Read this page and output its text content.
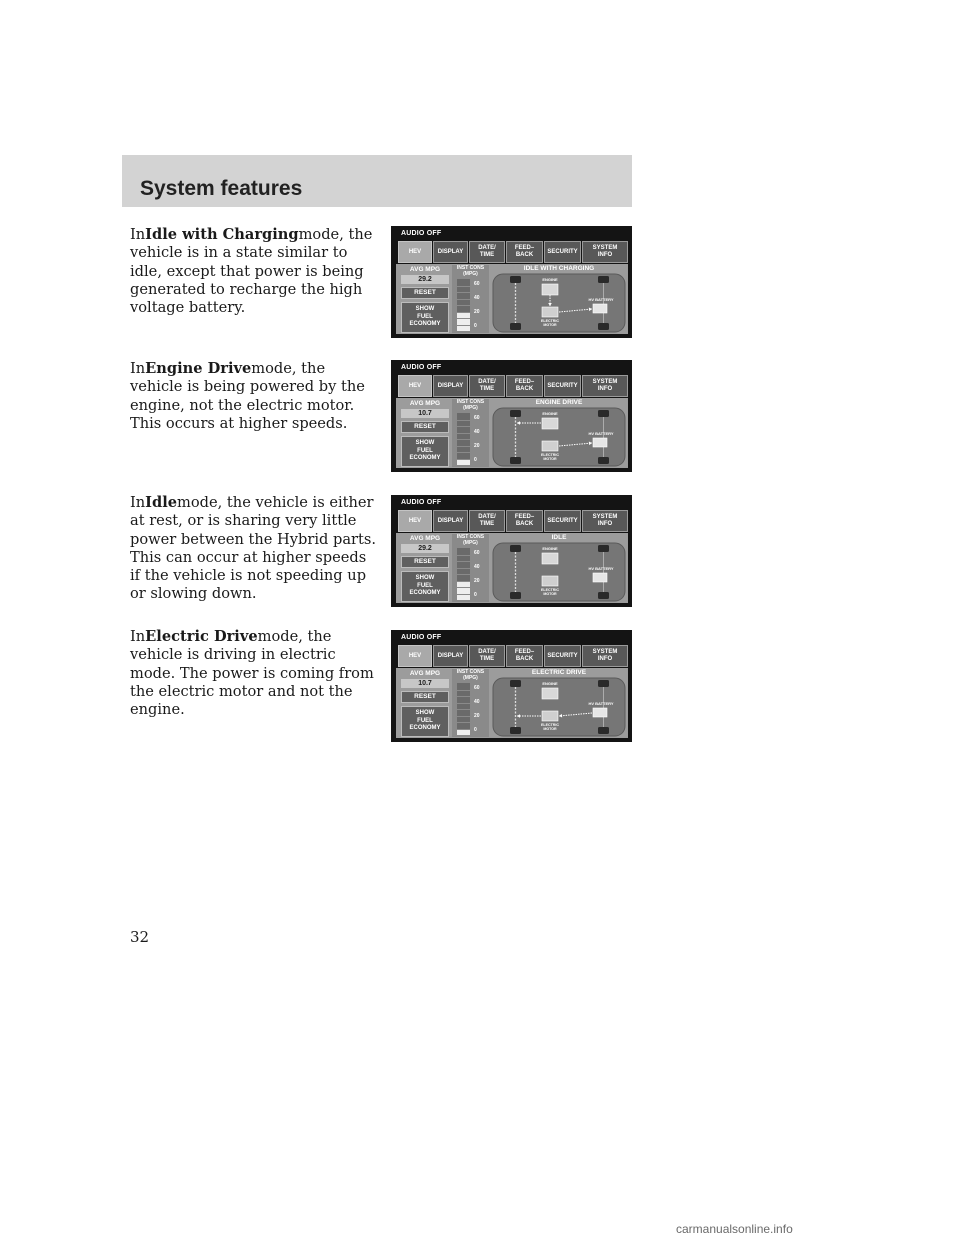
System features

InIdle with Chargingmode, the vehicle is in a state similar to idle, except that power is being generated to recharge the high voltage battery.

InEngine Drivemode, the vehicle is being powered by the engine, not the electric motor. This occurs at higher speeds.

InIdlemode, the vehicle is either at rest, or is sharing very little power between the Hybrid parts. This can occur at higher speeds if the vehicle is not speeding up or slowing down.

InElectric Drivemode, the vehicle is driving in electric mode. The power is coming from the electric motor and not the engine.

AUDIO OFF
HEV	DISPLAY
DATE/
TIME
FEED–
BACK
SECURITY
SYSTEM
INFO
AVG MPG
29.2
RESET
SHOW
FUEL
ECONOMY
INST CONS
(MPG)
60
40
20
0
IDLE WITH CHARGING
ENGINE
ELECTRIC
MOTOR
HV BATTERY
AUDIO OFF
HEV	DISPLAY
DATE/
TIME
FEED–
BACK
SECURITY
SYSTEM
INFO
AVG MPG
10.7
RESET
SHOW
FUEL
ECONOMY
INST CONS
(MPG)
60
40
20
0
ENGINE DRIVE
ENGINE
ELECTRIC
MOTOR
HV BATTERY
AUDIO OFF
HEV	DISPLAY
DATE/
TIME
FEED–
BACK
SECURITY
SYSTEM
INFO
AVG MPG
29.2
RESET
SHOW
FUEL
ECONOMY
INST CONS
(MPG)
60
40
20
0
IDLE
ENGINE
ELECTRIC
MOTOR
HV BATTERY
AUDIO OFF
HEV	DISPLAY
DATE/
TIME
FEED–
BACK
SECURITY
SYSTEM
INFO
AVG MPG
10.7
RESET
SHOW
FUEL
ECONOMY
INST CONS
(MPG)
60
40
20
0
ELECTRIC DRIVE
ENGINE
ELECTRIC
MOTOR
HV BATTERY
32
carmanualsonline.info
